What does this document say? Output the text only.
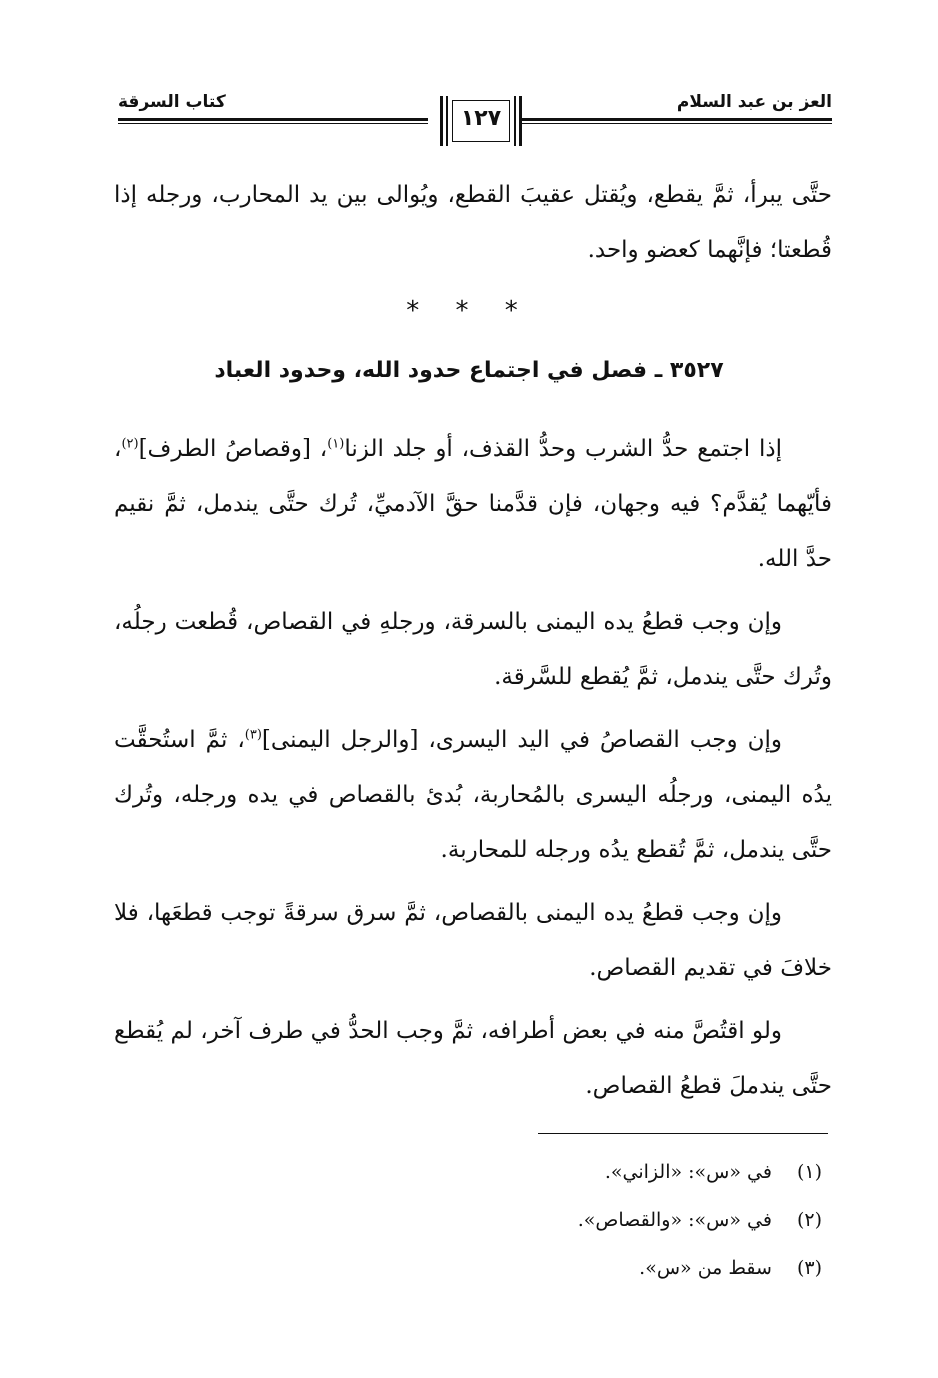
العز بن عبد السلام
١٢٧
كتاب السرقة

حتَّى يبرأ، ثمَّ يقطع، ويُقتل عقيبَ القطع، ويُوالى بين يد المحارب، ورجله إذا قُطعتا؛ فإنَّهما كعضو واحد.

* * *
٣٥٢٧ ـ فصل في اجتماع حدود الله، وحدود العباد

إذا اجتمع حدُّ الشرب وحدُّ القذف، أو جلد الزنا$^{(١)}$، [وقصاصُ الطرف]$^{(٢)}$، فأيّهما يُقدَّم؟ فيه وجهان، فإن قدَّمنا حقَّ الآدميِّ، تُرك حتَّى يندمل، ثمَّ نقيم حدَّ الله.

وإن وجب قطعُ يده اليمنى بالسرقة، ورجلهِ في القصاص، قُطعت رجلُه، وتُرك حتَّى يندمل، ثمَّ يُقطع للسَّرقة.

وإن وجب القصاصُ في اليد اليسرى، [والرجل اليمنى]$^{(٣)}$، ثمَّ استُحقَّت يدُه اليمنى، ورجلُه اليسرى بالمُحاربة، بُدئ بالقصاص في يده ورجله، وتُرك حتَّى يندمل، ثمَّ تُقطع يدُه ورجله للمحاربة.

وإن وجب قطعُ يده اليمنى بالقصاص، ثمَّ سرق سرقةً توجب قطعَها، فلا خلافَ في تقديم القصاص.

ولو اقتُصَّ منه في بعض أطرافه، ثمَّ وجب الحدُّ في طرف آخر، لم يُقطع حتَّى يندملَ قطعُ القصاص.

(١) في «س»: «الزاني».
(٢) في «س»: «والقصاص».
(٣) سقط من «س».
